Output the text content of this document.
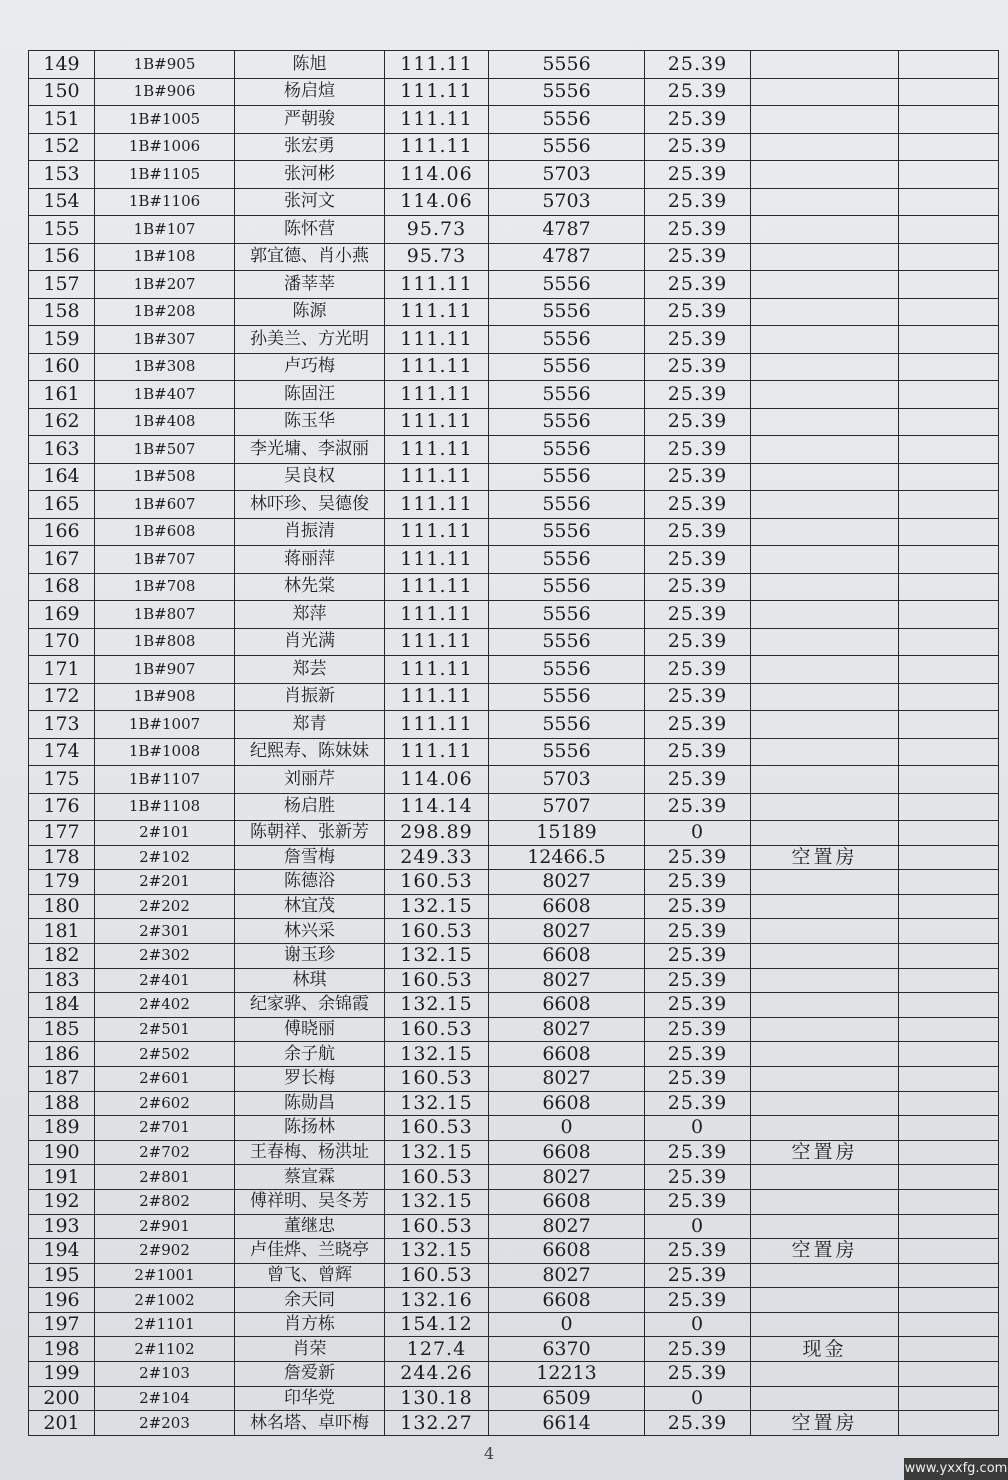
149	1B#905	陈旭	111.11	5556	25.39		
150	1B#906	杨启煊	111.11	5556	25.39		
151	1B#1005	严朝骏	111.11	5556	25.39		
152	1B#1006	张宏勇	111.11	5556	25.39		
153	1B#1105	张河彬	114.06	5703	25.39		
154	1B#1106	张河文	114.06	5703	25.39		
155	1B#107	陈怀营	95.73	4787	25.39		
156	1B#108	郭宜德、肖小燕	95.73	4787	25.39		
157	1B#207	潘莘莘	111.11	5556	25.39		
158	1B#208	陈源	111.11	5556	25.39		
159	1B#307	孙美兰、方光明	111.11	5556	25.39		
160	1B#308	卢巧梅	111.11	5556	25.39		
161	1B#407	陈固汪	111.11	5556	25.39		
162	1B#408	陈玉华	111.11	5556	25.39		
163	1B#507	李光墉、李淑丽	111.11	5556	25.39		
164	1B#508	吴良权	111.11	5556	25.39		
165	1B#607	林吓珍、吴德俊	111.11	5556	25.39		
166	1B#608	肖振清	111.11	5556	25.39		
167	1B#707	蒋丽萍	111.11	5556	25.39		
168	1B#708	林先棠	111.11	5556	25.39		
169	1B#807	郑萍	111.11	5556	25.39		
170	1B#808	肖光满	111.11	5556	25.39		
171	1B#907	郑芸	111.11	5556	25.39		
172	1B#908	肖振新	111.11	5556	25.39		
173	1B#1007	郑青	111.11	5556	25.39		
174	1B#1008	纪熙寿、陈妹妹	111.11	5556	25.39		
175	1B#1107	刘丽芹	114.06	5703	25.39		
176	1B#1108	杨启胜	114.14	5707	25.39		
177	2#101	陈朝祥、张新芳	298.89	15189	0		
178	2#102	詹雪梅	249.33	12466.5	25.39	空置房	
179	2#201	陈德浴	160.53	8027	25.39		
180	2#202	林宜茂	132.15	6608	25.39		
181	2#301	林兴采	160.53	8027	25.39		
182	2#302	谢玉珍	132.15	6608	25.39		
183	2#401	林琪	160.53	8027	25.39		
184	2#402	纪家骅、余锦霞	132.15	6608	25.39		
185	2#501	傅晓丽	160.53	8027	25.39		
186	2#502	余子航	132.15	6608	25.39		
187	2#601	罗长梅	160.53	8027	25.39		
188	2#602	陈勋昌	132.15	6608	25.39		
189	2#701	陈扬林	160.53	0	0		
190	2#702	王春梅、杨洪址	132.15	6608	25.39	空置房	
191	2#801	蔡宣霖	160.53	8027	25.39		
192	2#802	傅祥明、吴冬芳	132.15	6608	25.39		
193	2#901	董继忠	160.53	8027	0		
194	2#902	卢佳烨、兰晓亭	132.15	6608	25.39	空置房	
195	2#1001	曾飞、曾辉	160.53	8027	25.39		
196	2#1002	余天同	132.16	6608	25.39		
197	2#1101	肖方栋	154.12	0	0		
198	2#1102	肖荣	127.4	6370	25.39	现金	
199	2#103	詹爱新	244.26	12213	25.39		
200	2#104	印华党	130.18	6509	0		
201	2#203	林名塔、卓吓梅	132.27	6614	25.39	空置房	
4
www.yxxfg.com
